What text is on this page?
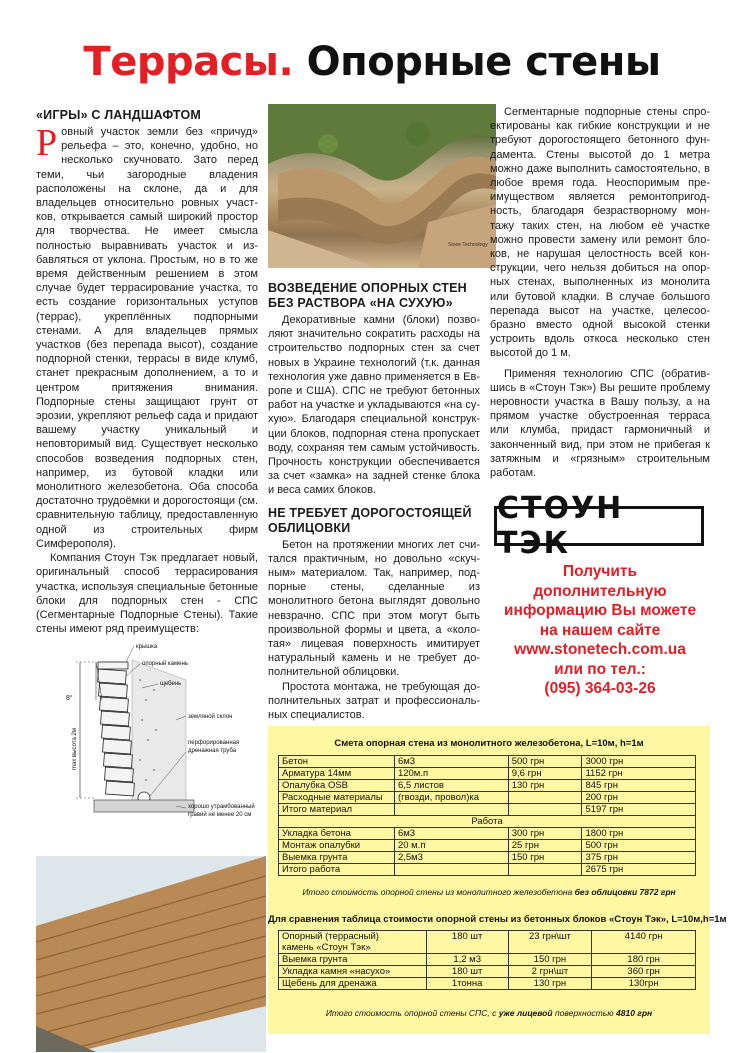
Террасы. Опорные стены
«ИГРЫ» С ЛАНДШАФТОМ

Ровный участок земли без «причуд» рельефа – это, конечно, удобно, но несколько скучновато. Зато перед теми, чьи загородные владения расположены на склоне, да и для владельцев относительно ровных участков, открывается самый широкий простор для творчества. Не имеет смысла полностью выравнивать участок и избавляться от уклона. Простым, но в то же время действенным решением в этом случае будет террасирование участка, то есть создание горизонтальных уступов (террас), укреплённых подпорными стенами. А для владельцев прямых участков (без перепада высот), создание подпорной стенки, террасы в виде клумб, станет прекрасным дополнением, а то и центром притяжения внимания. Подпорные стены защищают грунт от эрозии, укрепляют рельеф сада и придают вашему участку уникальный и неповторимый вид. Существует несколько способов возведения подпорных стен, например, из бутовой кладки или монолитного железобетона. Оба способа достаточно трудоёмки и дорогостоящи (см. сравнительную таблицу, предоставленную одной из строительных фирм Симферополя).

Компания Стоун Тэк предлагает новый, оригинальный способ террасирования участка, используя специальные бетонные блоки для подпорных стен - СПС (Сегментарные Подпорные Стены). Такие стены имеют ряд преимуществ:

Stone Technology
ВОЗВЕДЕНИЕ ОПОРНЫХ СТЕН
БЕЗ РАСТВОРА «НА СУХУЮ»

Декоративные камни (блоки) позволяют значительно сократить расходы на строительство подпорных стен за счет новых в Украине технологий (т.к. данная технология уже давно применяется в Европе и США). СПС не требуют бетонных работ на участке и укладываются «на сухую». Благодаря специальной конструкции блоков, подпорная стена пропускает воду, сохраняя тем самым устойчивость. Прочность конструкции обеспечивается за счет «замка» на задней стенке блока и веса самих блоков.

НЕ ТРЕБУЕТ ДОРОГОСТОЯЩЕЙ
ОБЛИЦОВКИ

Бетон на протяжении многих лет считался практичным, но довольно «скучным» материалом. Так, например, подпорные стены, сделанные из монолитного бетона выглядят довольно невзрачно. СПС при этом могут быть произвольной формы и цвета, а «колотая» лицевая поверхность имитирует натуральный камень и не требует дополнительной облицовки.

Простота монтажа, не требующая дополнительных затрат и профессиональных специалистов.

Сегментарные подпорные стены спроектированы как гибкие конструкции и не требуют дорогостоящего бетонного фундамента. Стены высотой до 1 метра можно даже выполнить самостоятельно, в любое время года. Неоспоримым преимуществом является ремонтопригодность, благодаря безрастворному монтажу таких стен, на любом её участке можно провести замену или ремонт блоков, не нарушая целостность всей конструкции, чего нельзя добиться на опорных стенах, выполненных из монолита или бутовой кладки. В случае большого перепада высот на участке, целесообразно вместо одной высокой стенки устроить вдоль откоса несколько стен высотой до 1 м.

Применяя технологию СПС (обратившись в «Стоун Тэк») Вы решите проблему неровности участка в Вашу пользу, а на прямом участке обустроенная терраса или клумба, придаст гармоничный и законченный вид, при этом не прибегая к затяжным и «грязным» строительным работам.

СТОУН ТЭК
Получить
дополнительную
информацию Вы можете
на нашем сайте
www.stonetech.com.ua
или по тел.:
(095) 364-03-26
8°
max высота 2м
крышка
опорный камень
щебень
земляной склон
перфорированная
дренажная труба
хорошо утрамбованный
гравий не менее 20 см
Смета опорная стена из монолитного железобетона, L=10м, h=1м
Бетон	6м3	500 грн	3000 грн
Арматура 14мм	120м.п	9,6 грн	1152 грн
Опалубка OSB	6,5 листов	130 грн	845 грн
Расходные материалы	(гвозди, провол)ка		200 грн
Итого материал			5197 грн
Работа			
Укладка бетона	6м3	300 грн	1800 грн
Монтаж опалубки	20 м.п	25 грн	500 грн
Выемка грунта	2,5м3	150 грн	375 грн
Итого работа			2675 грн
Итого стоимость опорной стены из монолитного железобетона без облицовки 7872 грн
Для сравнения таблица стоимости опорной стены из бетонных блоков «Стоун Тэк», L=10м,h=1м
Опорный (террасный)	180 шт	23 грн\шт	4140 грн
камень «Стоун Тэк»			
Выемка грунта	1,2 м3	150 грн	180 грн
Укладка камня «насухо»	180 шт	2 грн\шт	360 грн
Щебень для дренажа	1тонна	130 грн	130грн
Итого стоимость опорной стены СПС, с уже лицевой поверхностью 4810 грн
